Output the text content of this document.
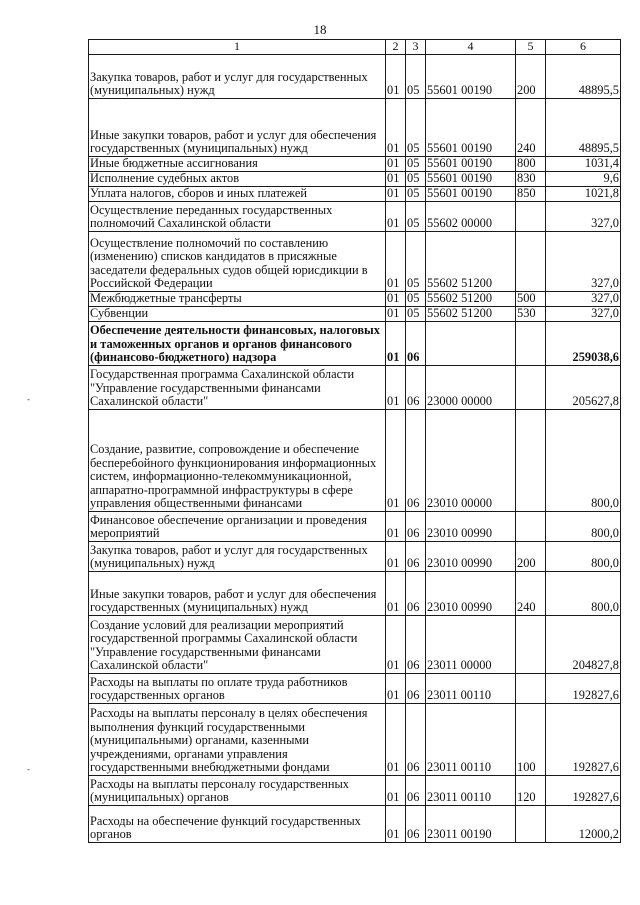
18
-
-
1	2	3	4	5	6
Закупка товаров, работ и услуг для государственных (муниципальных) нужд	01	05	55601 00190	200	48895,5
Иные закупки товаров, работ и услуг для обеспечения государственных (муниципальных) нужд	01	05	55601 00190	240	48895,5
Иные бюджетные ассигнования	01	05	55601 00190	800	1031,4
Исполнение судебных актов	01	05	55601 00190	830	9,6
Уплата налогов, сборов и иных платежей	01	05	55601 00190	850	1021,8
Осуществление переданных государственных полномочий Сахалинской области	01	05	55602 00000		327,0
Осуществление полномочий по составлению (изменению) списков кандидатов в присяжные заседатели федеральных судов общей юрисдикции в Российской Федерации	01	05	55602 51200		327,0
Межбюджетные трансферты	01	05	55602 51200	500	327,0
Субвенции	01	05	55602 51200	530	327,0
Обеспечение деятельности финансовых, налоговых и таможенных органов и органов финансового (финансово-бюджетного) надзора	01	06			259038,6
Государственная программа Сахалинской области "Управление государственными финансами Сахалинской области"	01	06	23000 00000		205627,8
Создание, развитие, сопровождение и обеспечение бесперебойного функционирования информационных систем, информационно-телекоммуникационной, аппаратно-программной инфраструктуры в сфере управления общественными финансами	01	06	23010 00000		800,0
Финансовое обеспечение организации и проведения мероприятий	01	06	23010 00990		800,0
Закупка товаров, работ и услуг для государственных (муниципальных) нужд	01	06	23010 00990	200	800,0
Иные закупки товаров, работ и услуг для обеспечения государственных (муниципальных) нужд	01	06	23010 00990	240	800,0
Создание условий для реализации мероприятий государственной программы Сахалинской области "Управление государственными финансами Сахалинской области"	01	06	23011 00000		204827,8
Расходы на выплаты по оплате труда работников государственных органов	01	06	23011 00110		192827,6
Расходы на выплаты персоналу в целях обеспечения выполнения функций государственными (муниципальными) органами, казенными учреждениями, органами управления государственными внебюджетными фондами	01	06	23011 00110	100	192827,6
Расходы на выплаты персоналу государственных (муниципальных) органов	01	06	23011 00110	120	192827,6
Расходы на обеспечение функций государственных органов	01	06	23011 00190		12000,2
